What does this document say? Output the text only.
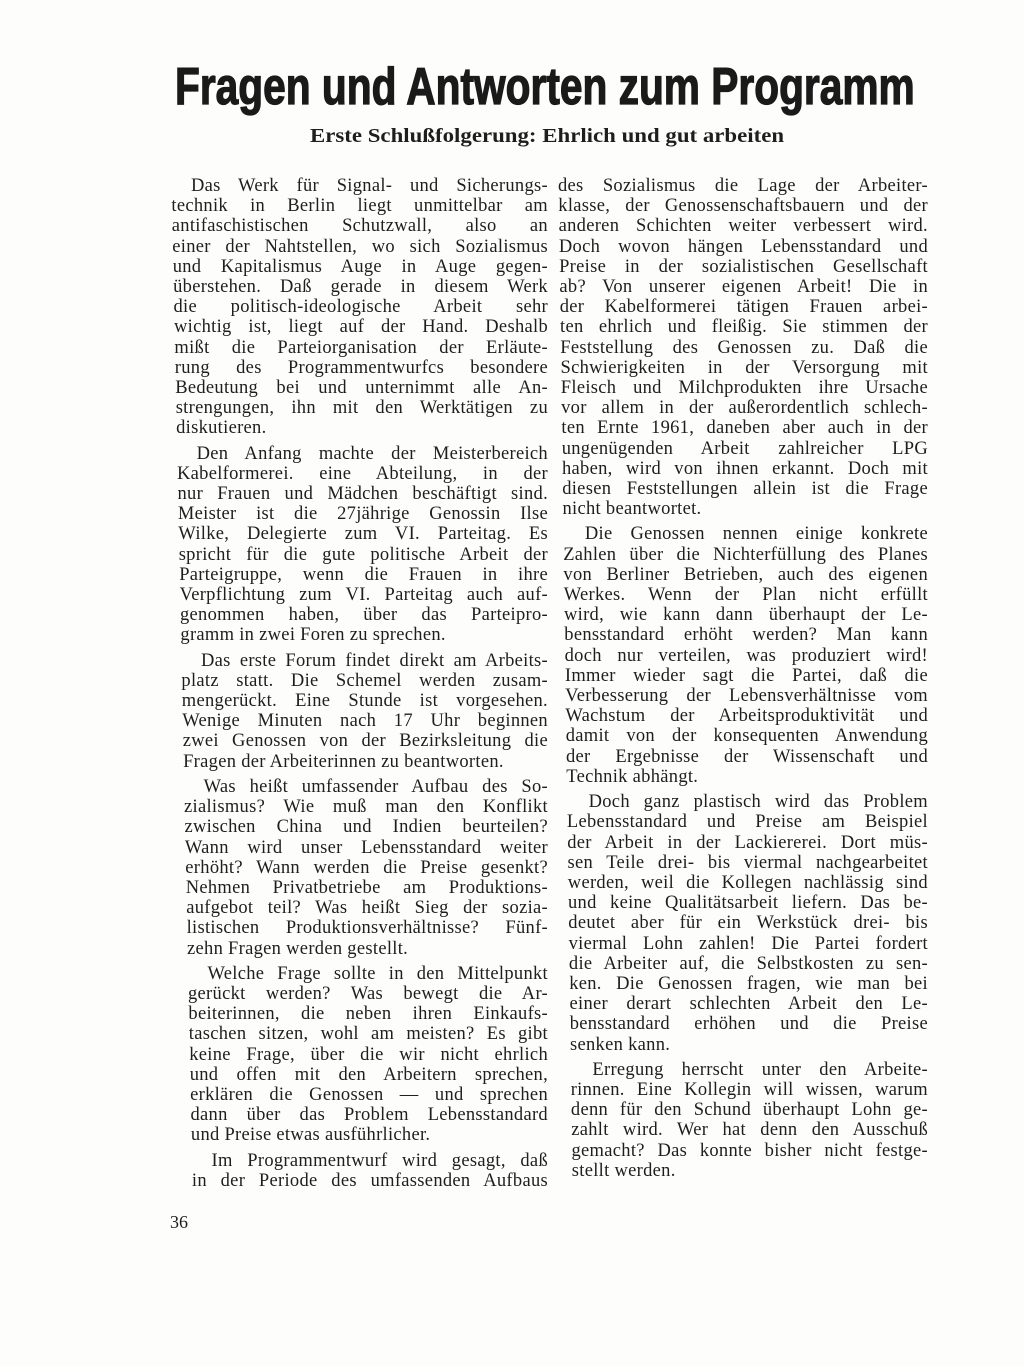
Fragen und Antworten zum Programm
Erste Schlußfolgerung: Ehrlich und gut arbeiten
Das Werk für Signal- und Sicherungs-
technik in Berlin liegt unmittelbar am
antifaschistischen Schutzwall, also an
einer der Nahtstellen, wo sich Sozialismus
und Kapitalismus Auge in Auge gegen-
überstehen. Daß gerade in diesem Werk
die politisch-ideologische Arbeit sehr
wichtig ist, liegt auf der Hand. Deshalb
mißt die Parteiorganisation der Erläute-
rung des Programmentwurfcs besondere
Bedeutung bei und unternimmt alle An-
strengungen, ihn mit den Werktätigen zu
diskutieren.
Den Anfang machte der Meisterbereich
Kabelformerei. eine Abteilung, in der
nur Frauen und Mädchen beschäftigt sind.
Meister ist die 27jährige Genossin Ilse
Wilke, Delegierte zum VI. Parteitag. Es
spricht für die gute politische Arbeit der
Parteigruppe, wenn die Frauen in ihre
Verpflichtung zum VI. Parteitag auch auf-
genommen haben, über das Parteipro-
gramm in zwei Foren zu sprechen.
Das erste Forum findet direkt am Arbeits-
platz statt. Die Schemel werden zusam-
mengerückt. Eine Stunde ist vorgesehen.
Wenige Minuten nach 17 Uhr beginnen
zwei Genossen von der Bezirksleitung die
Fragen der Arbeiterinnen zu beantworten.
Was heißt umfassender Aufbau des So-
zialismus? Wie muß man den Konflikt
zwischen China und Indien beurteilen?
Wann wird unser Lebensstandard weiter
erhöht? Wann werden die Preise gesenkt?
Nehmen Privatbetriebe am Produktions-
aufgebot teil? Was heißt Sieg der sozia-
listischen Produktionsverhältnisse? Fünf-
zehn Fragen werden gestellt.
Welche Frage sollte in den Mittelpunkt
gerückt werden? Was bewegt die Ar-
beiterinnen, die neben ihren Einkaufs-
taschen sitzen, wohl am meisten? Es gibt
keine Frage, über die wir nicht ehrlich
und offen mit den Arbeitern sprechen,
erklären die Genossen — und sprechen
dann über das Problem Lebensstandard
und Preise etwas ausführlicher.
Im Programmentwurf wird gesagt, daß
in der Periode des umfassenden Aufbaus
des Sozialismus die Lage der Arbeiter-
klasse, der Genossenschaftsbauern und der
anderen Schichten weiter verbessert wird.
Doch wovon hängen Lebensstandard und
Preise in der sozialistischen Gesellschaft
ab? Von unserer eigenen Arbeit! Die in
der Kabelformerei tätigen Frauen arbei-
ten ehrlich und fleißig. Sie stimmen der
Feststellung des Genossen zu. Daß die
Schwierigkeiten in der Versorgung mit
Fleisch und Milchprodukten ihre Ursache
vor allem in der außerordentlich schlech-
ten Ernte 1961, daneben aber auch in der
ungenügenden Arbeit zahlreicher LPG
haben, wird von ihnen erkannt. Doch mit
diesen Feststellungen allein ist die Frage
nicht beantwortet.
Die Genossen nennen einige konkrete
Zahlen über die Nichterfüllung des Planes
von Berliner Betrieben, auch des eigenen
Werkes. Wenn der Plan nicht erfüllt
wird, wie kann dann überhaupt der Le-
bensstandard erhöht werden? Man kann
doch nur verteilen, was produziert wird!
Immer wieder sagt die Partei, daß die
Verbesserung der Lebensverhältnisse vom
Wachstum der Arbeitsproduktivität und
damit von der konsequenten Anwendung
der Ergebnisse der Wissenschaft und
Technik abhängt.
Doch ganz plastisch wird das Problem
Lebensstandard und Preise am Beispiel
der Arbeit in der Lackiererei. Dort müs-
sen Teile drei- bis viermal nachgearbeitet
werden, weil die Kollegen nachlässig sind
und keine Qualitätsarbeit liefern. Das be-
deutet aber für ein Werkstück drei- bis
viermal Lohn zahlen! Die Partei fordert
die Arbeiter auf, die Selbstkosten zu sen-
ken. Die Genossen fragen, wie man bei
einer derart schlechten Arbeit den Le-
bensstandard erhöhen und die Preise
senken kann.
Erregung herrscht unter den Arbeite-
rinnen. Eine Kollegin will wissen, warum
denn für den Schund überhaupt Lohn ge-
zahlt wird. Wer hat denn den Ausschuß
gemacht? Das konnte bisher nicht festge-
stellt werden.
36
